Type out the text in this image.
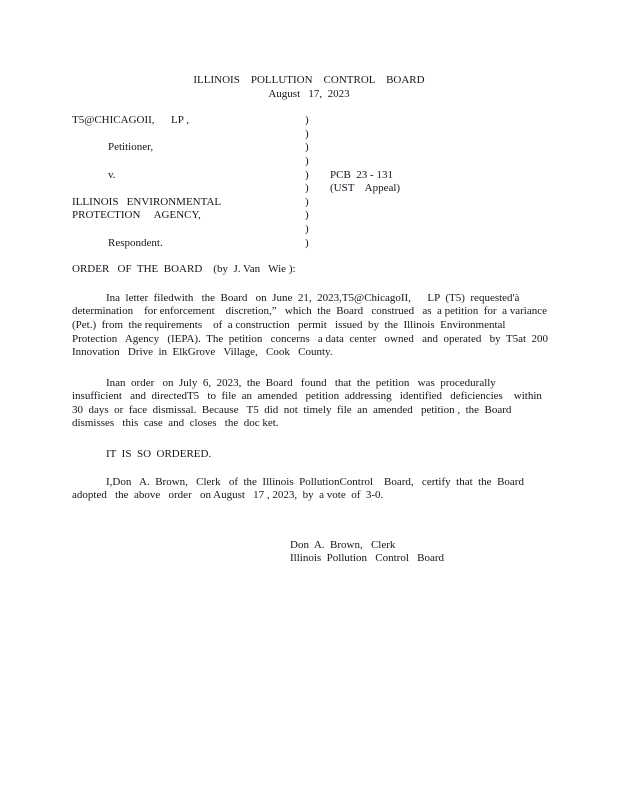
ILLINOIS    POLLUTION    CONTROL    BOARD
August   17,  2023
T5@CHICAGOII,      LP ,	)
)
Petitioner,	)
)
v.	) PCB  23 - 131
) (UST    Appeal)
ILLINOIS   ENVIRONMENTAL	)
PROTECTION     AGENCY,	)
)
Respondent.	)
ORDER   OF  THE  BOARD    (by  J. Van   Wie ):
Ina  letter  filedwith   the  Board   on  June  21,  2023,T5@ChicagoII,      LP  (T5)  requested'à
determination    for enforcement    discretion,”   which  the  Board   construed   as  a petition  for  a variance
(Pet.)  from  the requirements    of  a construction   permit   issued  by  the  Illinois  Environmental
Protection   Agency   (IEPA).  The  petition   concerns   a data  center   owned   and  operated   by  T5at  200
Innovation   Drive  in  ElkGrove   Village,   Cook   County.
Inan  order   on  July  6,  2023,  the  Board   found   that  the  petition   was  procedurally
insufficient   and  directedT5   to  file  an  amended   petition  addressing   identified   deficiencies    within
30  days  or  face  dismissal.  Because   T5  did  not  timely  file  an  amended   petition ,  the  Board
dismisses   this  case  and  closes   the  doc ket.
IT  IS  SO  ORDERED.
I,Don   A.  Brown,   Clerk   of  the  Illinois  PollutionControl    Board,   certify  that  the  Board
adopted   the  above   order   on August   17 , 2023,  by  a vote  of  3-0.
Don  A.  Brown,   Clerk
Illinois  Pollution   Control   Board
